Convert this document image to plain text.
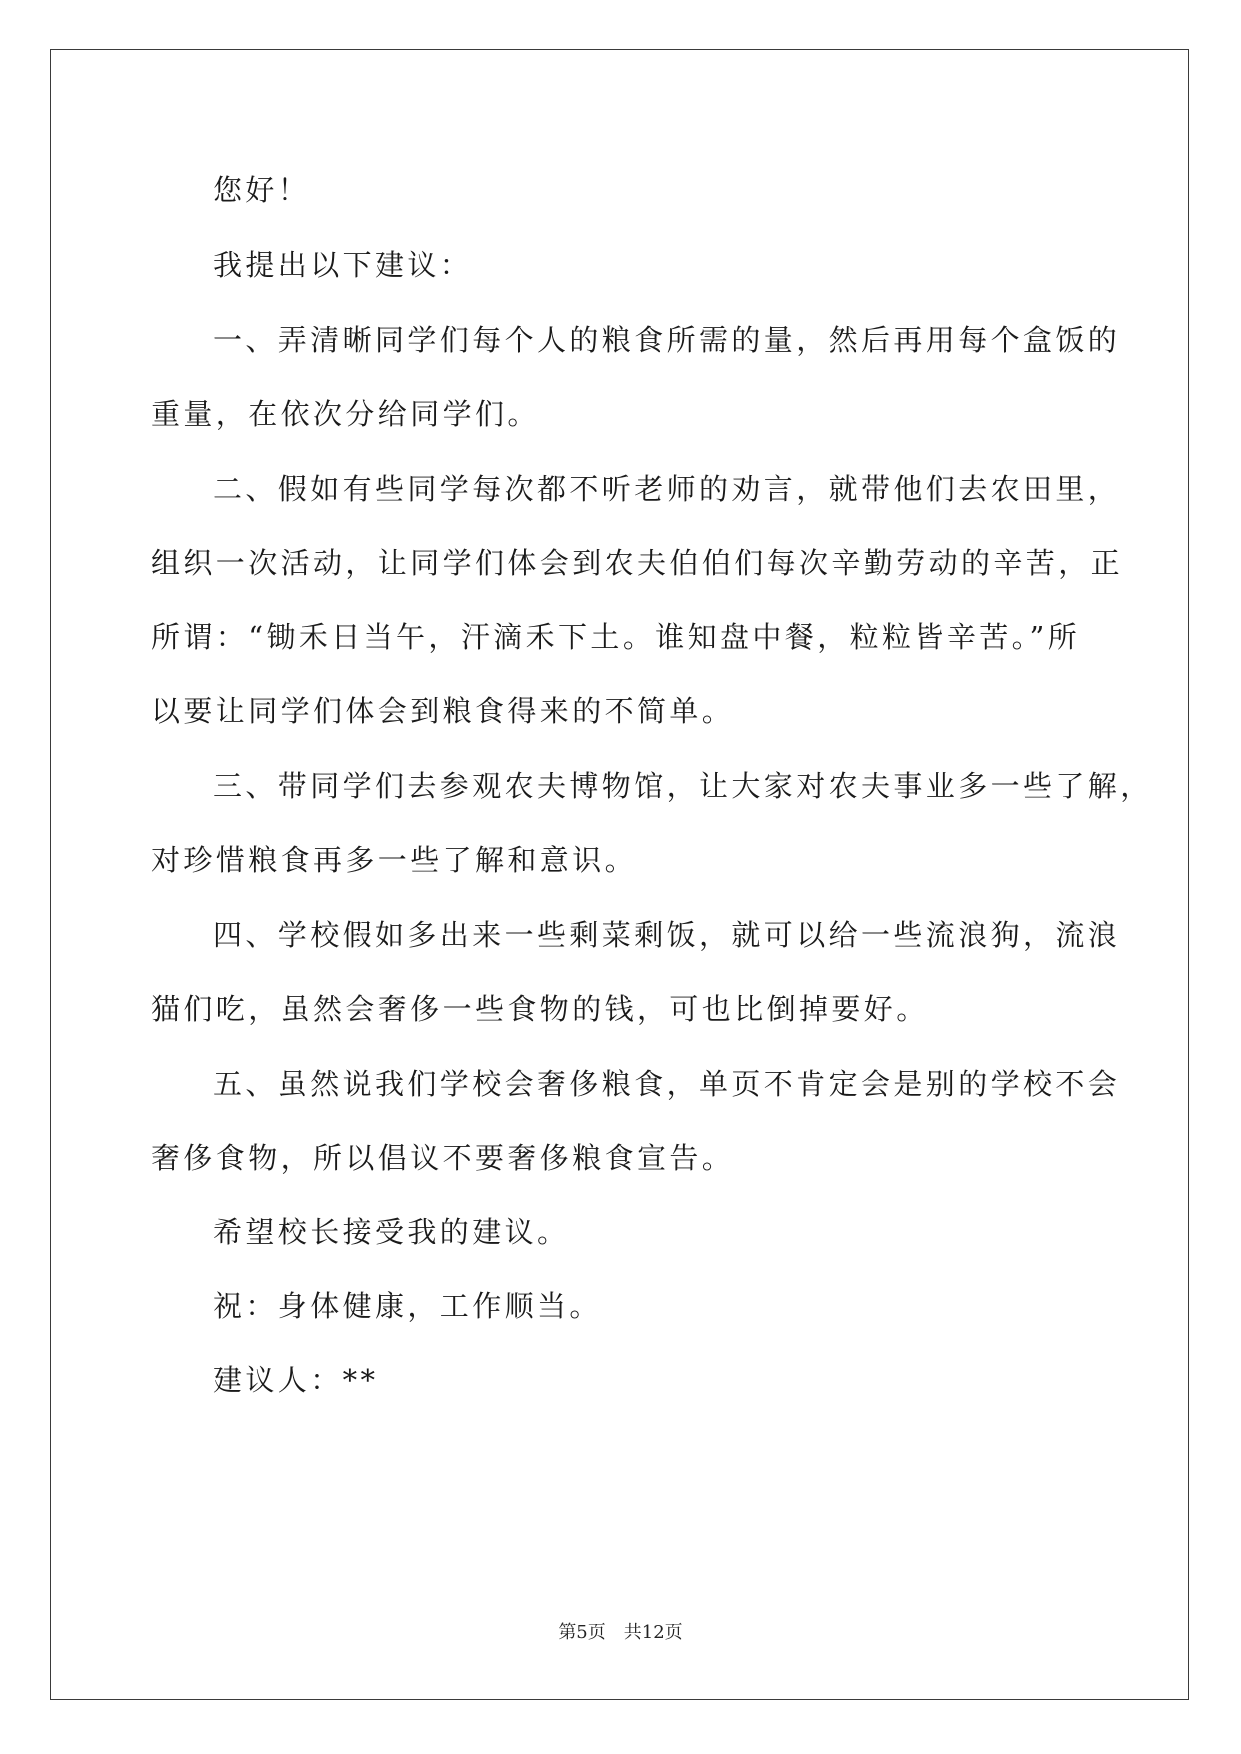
您好！
我提出以下建议：
一、弄清晰同学们每个人的粮食所需的量，然后再用每个盒饭的
重量，在依次分给同学们。
二、假如有些同学每次都不听老师的劝言，就带他们去农田里，
组织一次活动，让同学们体会到农夫伯伯们每次辛勤劳动的辛苦，正
所谓：“锄禾日当午，汗滴禾下土。谁知盘中餐，粒粒皆辛苦。”所
以要让同学们体会到粮食得来的不简单。
三、带同学们去参观农夫博物馆，让大家对农夫事业多一些了解，
对珍惜粮食再多一些了解和意识。
四、学校假如多出来一些剩菜剩饭，就可以给一些流浪狗，流浪
猫们吃，虽然会奢侈一些食物的钱，可也比倒掉要好。
五、虽然说我们学校会奢侈粮食，单页不肯定会是别的学校不会
奢侈食物，所以倡议不要奢侈粮食宣告。
希望校长接受我的建议。
祝：身体健康，工作顺当。
建议人：**
第5页 共12页
